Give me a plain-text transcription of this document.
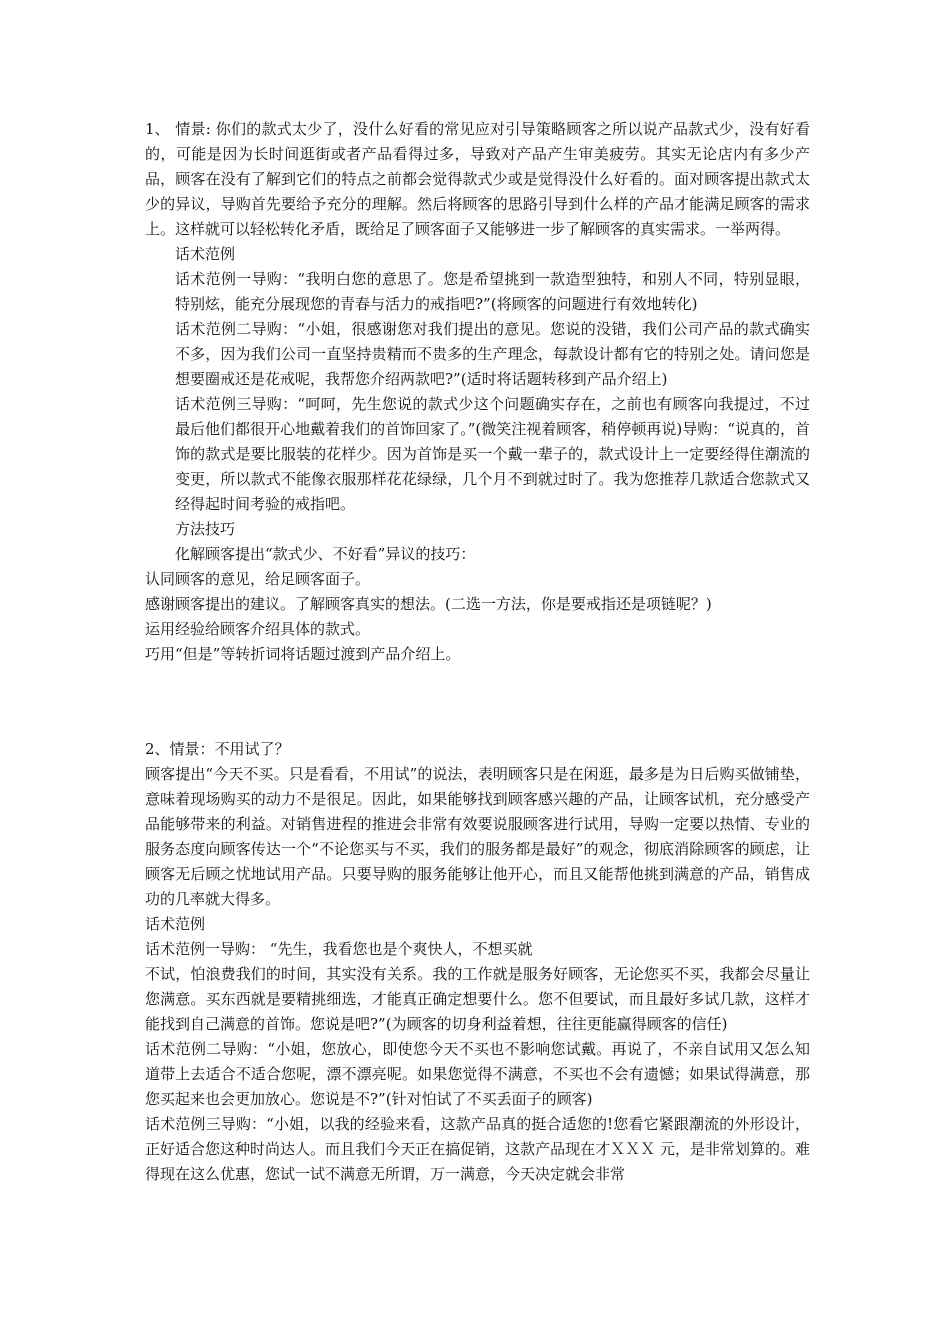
1、 情景: 你们的款式太少了，没什么好看的常见应对引导策略顾客之所以说产品款式少，没有好看的，可能是因为长时间逛街或者产品看得过多，导致对产品产生审美疲劳。其实无论店内有多少产品，顾客在没有了解到它们的特点之前都会觉得款式少或是觉得没什么好看的。面对顾客提出款式太少的异议，导购首先要给予充分的理解。然后将顾客的思路引导到什么样的产品才能满足顾客的需求上。这样就可以轻松转化矛盾，既给足了顾客面子又能够进一步了解顾客的真实需求。一举两得。

话术范例

话术范例一导购：“我明白您的意思了。您是希望挑到一款造型独特，和别人不同，特别显眼，特别炫，能充分展现您的青春与活力的戒指吧?”(将顾客的问题进行有效地转化)

话术范例二导购：“小姐，很感谢您对我们提出的意见。您说的没错，我们公司产品的款式确实不多，因为我们公司一直坚持贵精而不贵多的生产理念，每款设计都有它的特别之处。请问您是想要圈戒还是花戒呢，我帮您介绍两款吧?”(适时将话题转移到产品介绍上)

话术范例三导购：“呵呵，先生您说的款式少这个问题确实存在，之前也有顾客向我提过，不过最后他们都很开心地戴着我们的首饰回家了。”(微笑注视着顾客，稍停顿再说)导购：“说真的，首饰的款式是要比服装的花样少。因为首饰是买一个戴一辈子的，款式设计上一定要经得住潮流的变更，所以款式不能像衣服那样花花绿绿，几个月不到就过时了。我为您推荐几款适合您款式又经得起时间考验的戒指吧。

方法技巧

化解顾客提出“款式少、不好看”异议的技巧：

认同顾客的意见，给足顾客面子。

感谢顾客提出的建议。了解顾客真实的想法。(二选一方法，你是要戒指还是项链呢？)

运用经验给顾客介绍具体的款式。

巧用“但是”等转折词将话题过渡到产品介绍上。

2、情景：不用试了？

顾客提出“今天不买。只是看看，不用试”的说法，表明顾客只是在闲逛，最多是为日后购买做铺垫，意味着现场购买的动力不是很足。因此，如果能够找到顾客感兴趣的产品，让顾客试机，充分感受产品能够带来的利益。对销售进程的推进会非常有效要说服顾客进行试用，导购一定要以热情、专业的服务态度向顾客传达一个“不论您买与不买，我们的服务都是最好”的观念，彻底消除顾客的顾虑，让顾客无后顾之忧地试用产品。只要导购的服务能够让他开心，而且又能帮他挑到满意的产品，销售成功的几率就大得多。

话术范例

话术范例一导购： “先生，我看您也是个爽快人，不想买就

不试，怕浪费我们的时间，其实没有关系。我的工作就是服务好顾客，无论您买不买，我都会尽量让您满意。买东西就是要精挑细选，才能真正确定想要什么。您不但要试，而且最好多试几款，这样才能找到自己满意的首饰。您说是吧?”(为顾客的切身利益着想，往往更能赢得顾客的信任)

话术范例二导购：“小姐，您放心，即使您今天不买也不影响您试戴。再说了，不亲自试用又怎么知道带上去适合不适合您呢，漂不漂亮呢。如果您觉得不满意，不买也不会有遗憾；如果试得满意，那您买起来也会更加放心。您说是不?”(针对怕试了不买丢面子的顾客)

话术范例三导购：“小姐，以我的经验来看，这款产品真的挺合适您的!您看它紧跟潮流的外形设计，正好适合您这种时尚达人。而且我们今天正在搞促销，这款产品现在才ＸＸＸ 元，是非常划算的。难得现在这么优惠，您试一试不满意无所谓，万一满意，今天决定就会非常
